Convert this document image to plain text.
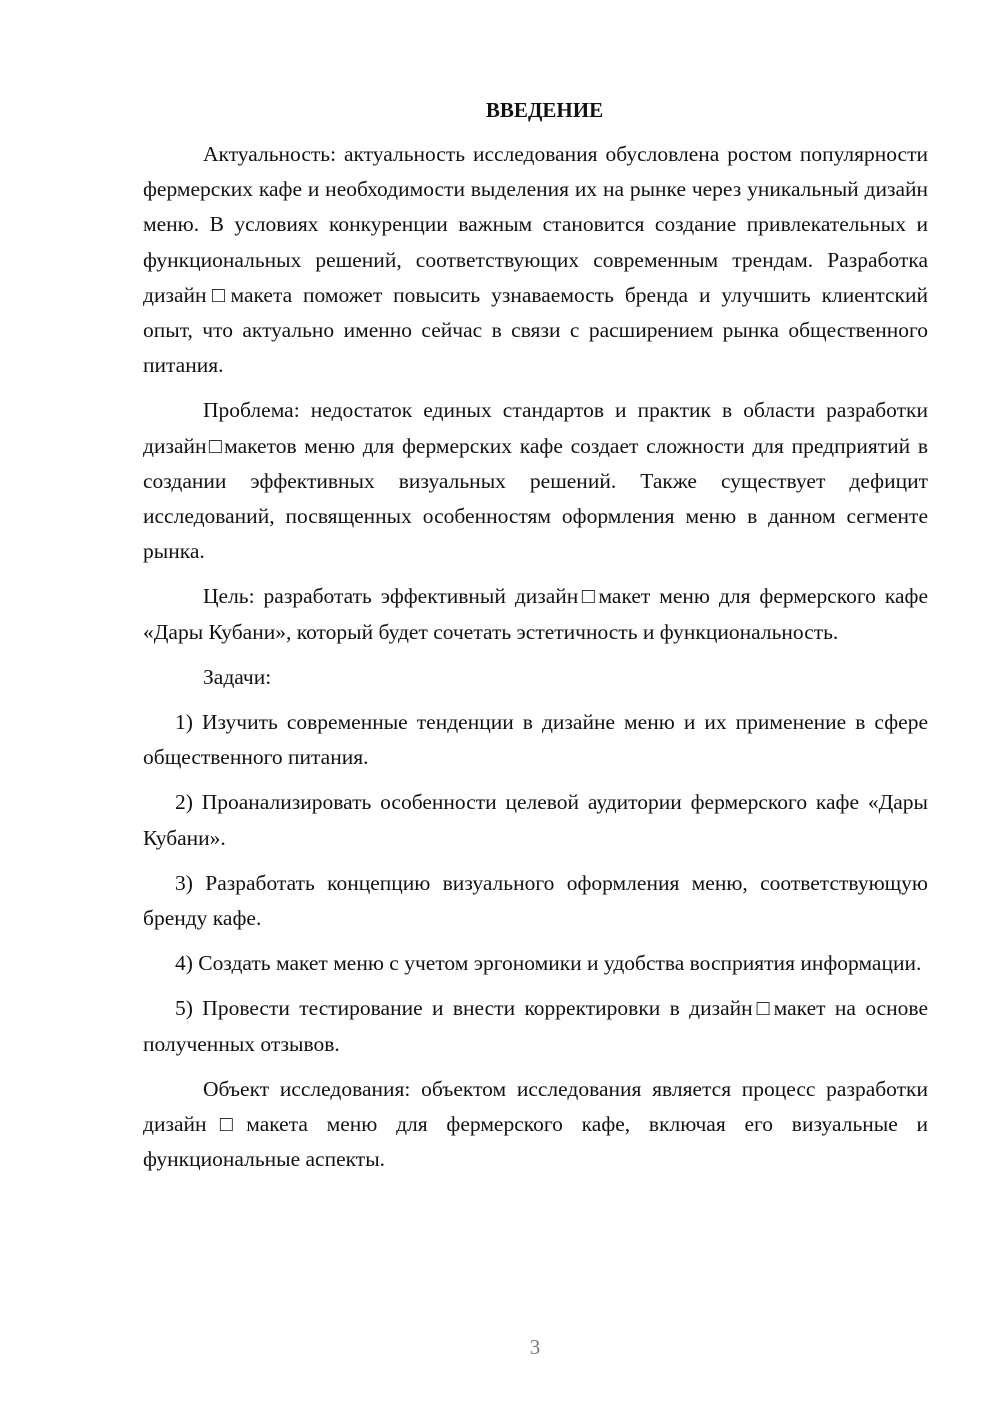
ВВЕДЕНИЕ

Актуальность: актуальность исследования обусловлена ростом популярности фермерских кафе и необходимости выделения их на рынке через уникальный дизайн меню. В условиях конкуренции важным становится создание привлекательных и функциональных решений, соответствующих современным трендам. Разработка дизайн□макета поможет повысить узнаваемость бренда и улучшить клиентский опыт, что актуально именно сейчас в связи с расширением рынка общественного питания.

Проблема: недостаток единых стандартов и практик в области разработки дизайн□макетов меню для фермерских кафе создает сложности для предприятий в создании эффективных визуальных решений. Также существует дефицит исследований, посвященных особенностям оформления меню в данном сегменте рынка.

Цель: разработать эффективный дизайн□макет меню для фермерского кафе «Дары Кубани», который будет сочетать эстетичность и функциональность.

Задачи:

1) Изучить современные тенденции в дизайне меню и их применение в сфере общественного питания.

2) Проанализировать особенности целевой аудитории фермерского кафе «Дары Кубани».

3) Разработать концепцию визуального оформления меню, соответствующую бренду кафе.

4) Создать макет меню с учетом эргономики и удобства восприятия информации.

5) Провести тестирование и внести корректировки в дизайн□макет на основе полученных отзывов.

Объект исследования: объектом исследования является процесс разработки дизайн□макета меню для фермерского кафе, включая его визуальные и функциональные аспекты.

3
